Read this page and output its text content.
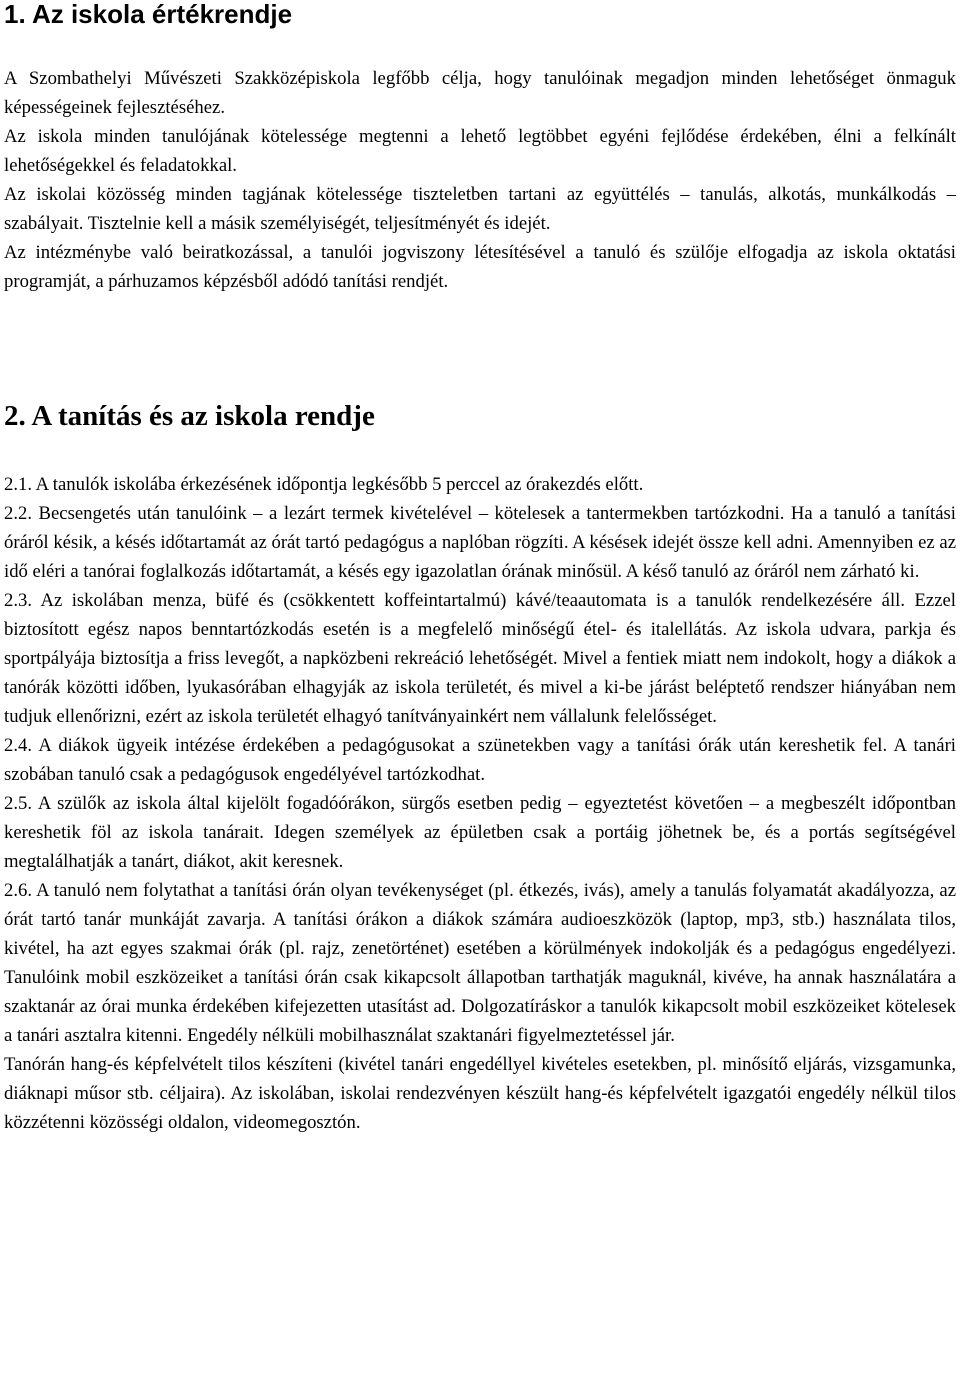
1. Az iskola értékrendje

A Szombathelyi Művészeti Szakközépiskola legfőbb célja, hogy tanulóinak megadjon minden lehetőséget önmaguk képességeinek fejlesztéséhez.

Az iskola minden tanulójának kötelessége megtenni a lehető legtöbbet egyéni fejlődése érdekében, élni a felkínált lehetőségekkel és feladatokkal.

Az iskolai közösség minden tagjának kötelessége tiszteletben tartani az együttélés – tanulás, alkotás, munkálkodás – szabályait. Tisztelnie kell a másik személyiségét, teljesítményét és idejét.

Az intézménybe való beiratkozással, a tanulói jogviszony létesítésével a tanuló és szülője elfogadja az iskola oktatási programját, a párhuzamos képzésből adódó tanítási rendjét.

2. A tanítás és az iskola rendje

2.1. A tanulók iskolába érkezésének időpontja legkésőbb 5 perccel az órakezdés előtt.

2.2. Becsengetés után tanulóink – a lezárt termek kivételével – kötelesek a tantermekben tartózkodni. Ha a tanuló a tanítási óráról késik, a késés időtartamát az órát tartó pedagógus a naplóban rögzíti. A késések idejét össze kell adni. Amennyiben ez az idő eléri a tanórai foglalkozás időtartamát, a késés egy igazolatlan órának minősül. A késő tanuló az óráról nem zárható ki.

2.3. Az iskolában menza, büfé és (csökkentett koffeintartalmú) kávé/teaautomata is a tanulók rendelkezésére áll. Ezzel biztosított egész napos benntartózkodás esetén is a megfelelő minőségű étel- és italellátás. Az iskola udvara, parkja és sportpályája biztosítja a friss levegőt, a napközbeni rekreáció lehetőségét. Mivel a fentiek miatt nem indokolt, hogy a diákok a tanórák közötti időben, lyukasórában elhagyják az iskola területét, és mivel a ki-be járást beléptető rendszer hiányában nem tudjuk ellenőrizni, ezért az iskola területét elhagyó tanítványainkért nem vállalunk felelősséget.

2.4. A diákok ügyeik intézése érdekében a pedagógusokat a szünetekben vagy a tanítási órák után kereshetik fel. A tanári szobában tanuló csak a pedagógusok engedélyével tartózkodhat.

2.5. A szülők az iskola által kijelölt fogadóórákon, sürgős esetben pedig – egyeztetést követően – a megbeszélt időpontban kereshetik föl az iskola tanárait. Idegen személyek az épületben csak a portáig jöhetnek be, és a portás segítségével megtalálhatják a tanárt, diákot, akit keresnek.

2.6. A tanuló nem folytathat a tanítási órán olyan tevékenységet (pl. étkezés, ivás), amely a tanulás folyamatát akadályozza, az órát tartó tanár munkáját zavarja. A tanítási órákon a diákok számára audioeszközök (laptop, mp3, stb.) használata tilos, kivétel, ha azt egyes szakmai órák (pl. rajz, zenetörténet) esetében a körülmények indokolják és a pedagógus engedélyezi. Tanulóink mobil eszközeiket a tanítási órán csak kikapcsolt állapotban tarthatják maguknál, kivéve, ha annak használatára a szaktanár az órai munka érdekében kifejezetten utasítást ad. Dolgozatíráskor a tanulók kikapcsolt mobil eszközeiket kötelesek a tanári asztalra kitenni. Engedély nélküli mobilhasználat szaktanári figyelmeztetéssel jár.

Tanórán hang-és képfelvételt tilos készíteni (kivétel tanári engedéllyel kivételes esetekben, pl. minősítő eljárás, vizsgamunka, diáknapi műsor stb. céljaira). Az iskolában, iskolai rendezvényen készült hang-és képfelvételt igazgatói engedély nélkül tilos közzétenni közösségi oldalon, videomegosztón.
